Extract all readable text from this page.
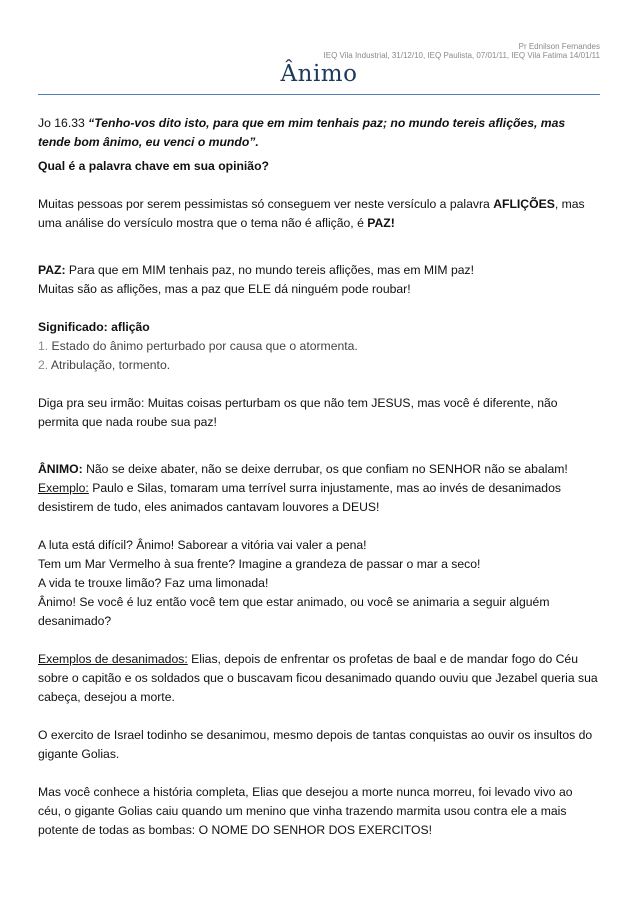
Pr Ednilson Fernandes
IEQ Vila Industrial, 31/12/10, IEQ Paulista, 07/01/11, IEQ Vila Fatima 14/01/11
Ânimo

Jo 16.33 “Tenho-vos dito isto, para que em mim tenhais paz; no mundo tereis aflições, mas tende bom ânimo, eu venci o mundo”.

Qual é a palavra chave em sua opinião?

Muitas pessoas por serem pessimistas só conseguem ver neste versículo a palavra AFLIÇÕES, mas uma análise do versículo mostra que o tema não é aflição, é PAZ!

PAZ: Para que em MIM tenhais paz, no mundo tereis aflições, mas em MIM paz!
Muitas são as aflições, mas a paz que ELE dá ninguém pode roubar!

Significado: aflição
1. Estado do ânimo perturbado por causa que o atormenta.
2. Atribulação, tormento.

Diga pra seu irmão: Muitas coisas perturbam os que não tem JESUS, mas você é diferente, não permita que nada roube sua paz!

ÂNIMO: Não se deixe abater, não se deixe derrubar, os que confiam no SENHOR não se abalam!
Exemplo: Paulo e Silas, tomaram uma terrível surra injustamente, mas ao invés de desanimados desistirem de tudo, eles animados cantavam louvores a DEUS!

A luta está difícil? Ânimo! Saborear a vitória vai valer a pena!
Tem um Mar Vermelho à sua frente? Imagine a grandeza de passar o mar a seco!
A vida te trouxe limão? Faz uma limonada!
Ânimo! Se você é luz então você tem que estar animado, ou você se animaria a seguir alguém desanimado?

Exemplos de desanimados: Elias, depois de enfrentar os profetas de baal e de mandar fogo do Céu sobre o capitão e os soldados que o buscavam ficou desanimado quando ouviu que Jezabel queria sua cabeça, desejou a morte.

O exercito de Israel todinho se desanimou, mesmo depois de tantas conquistas ao ouvir os insultos do gigante Golias.

Mas você conhece a história completa, Elias que desejou a morte nunca morreu, foi levado vivo ao céu, o gigante Golias caiu quando um menino que vinha trazendo marmita usou contra ele a mais potente de todas as bombas: O NOME DO SENHOR DOS EXERCITOS!
